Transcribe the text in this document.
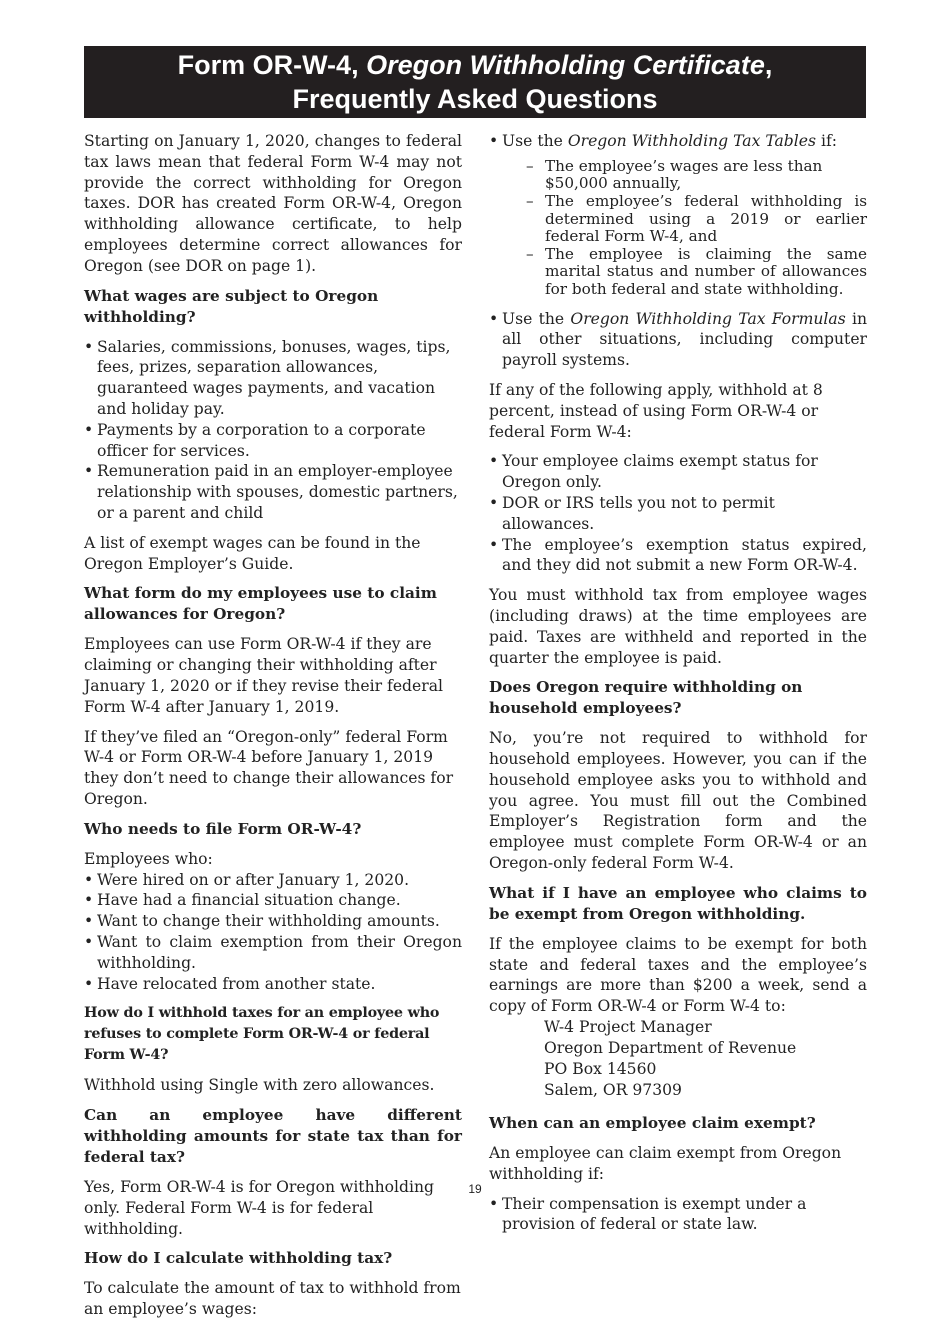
Form OR-W-4, Oregon Withholding Certificate,
Frequently Asked Questions

Starting on January 1, 2020, changes to federal tax laws mean that federal Form W-4 may not provide the correct withholding for Oregon taxes. DOR has created Form OR-W-4, Oregon withholding allowance certificate, to help employees determine correct allowances for Oregon (see DOR on page 1).

What wages are subject to Oregon withholding?
• Salaries, commissions, bonuses, wages, tips, fees, prizes, separation allowances, guaranteed wages payments, and vacation and holiday pay.
• Payments by a corporation to a corporate officer for services.
• Remuneration paid in an employer-employee relationship with spouses, domestic partners, or a parent and child

A list of exempt wages can be found in the Oregon Employer’s Guide.

What form do my employees use to claim allowances for Oregon?

Employees can use Form OR-W-4 if they are claiming or changing their withholding after January 1, 2020 or if they revise their federal Form W-4 after January 1, 2019.

If they’ve filed an “Oregon-only” federal Form W-4 or Form OR-W-4 before January 1, 2019 they don’t need to change their allowances for Oregon.

Who needs to file Form OR-W-4?
Employees who:
• Were hired on or after January 1, 2020.
• Have had a financial situation change.
• Want to change their withholding amounts.
• Want to claim exemption from their Oregon withholding.
• Have relocated from another state.
How do I withhold taxes for an employee who refuses to complete Form OR-W-4 or federal Form W-4?

Withhold using Single with zero allowances.

Can an employee have different withholding amounts for state tax than for federal tax?

Yes, Form OR-W-4 is for Oregon withholding only. Federal Form W-4 is for federal withholding.

How do I calculate withholding tax?

To calculate the amount of tax to withhold from an employee’s wages:

• Use the Oregon Withholding Tax Tables if:
– The employee’s wages are less than $50,000 annually,
– The employee’s federal withholding is determined using a 2019 or earlier federal Form W-4, and
– The employee is claiming the same marital status and number of allowances for both federal and state withholding.
• Use the Oregon Withholding Tax Formulas in all other situations, including computer payroll systems.

If any of the following apply, withhold at 8 percent, instead of using Form OR-W-4 or federal Form W-4:

• Your employee claims exempt status for Oregon only.
• DOR or IRS tells you not to permit allowances.
• The employee’s exemption status expired, and they did not submit a new Form OR-W-4.

You must withhold tax from employee wages (including draws) at the time employees are paid. Taxes are withheld and reported in the quarter the employee is paid.

Does Oregon require withholding on household employees?

No, you’re not required to withhold for household employees. However, you can if the household employee asks you to withhold and you agree. You must fill out the Combined Employer’s Registration form and the employee must complete Form OR-W-4 or an Oregon-only federal Form W-4.

What if I have an employee who claims to be exempt from Oregon withholding.

If the employee claims to be exempt for both state and federal taxes and the employee’s earnings are more than $200 a week, send a copy of Form OR-W-4 or Form W-4 to:

W-4 Project Manager
Oregon Department of Revenue
PO Box 14560
Salem, OR 97309
When can an employee claim exempt?

An employee can claim exempt from Oregon withholding if:

• Their compensation is exempt under a provision of federal or state law.
19
